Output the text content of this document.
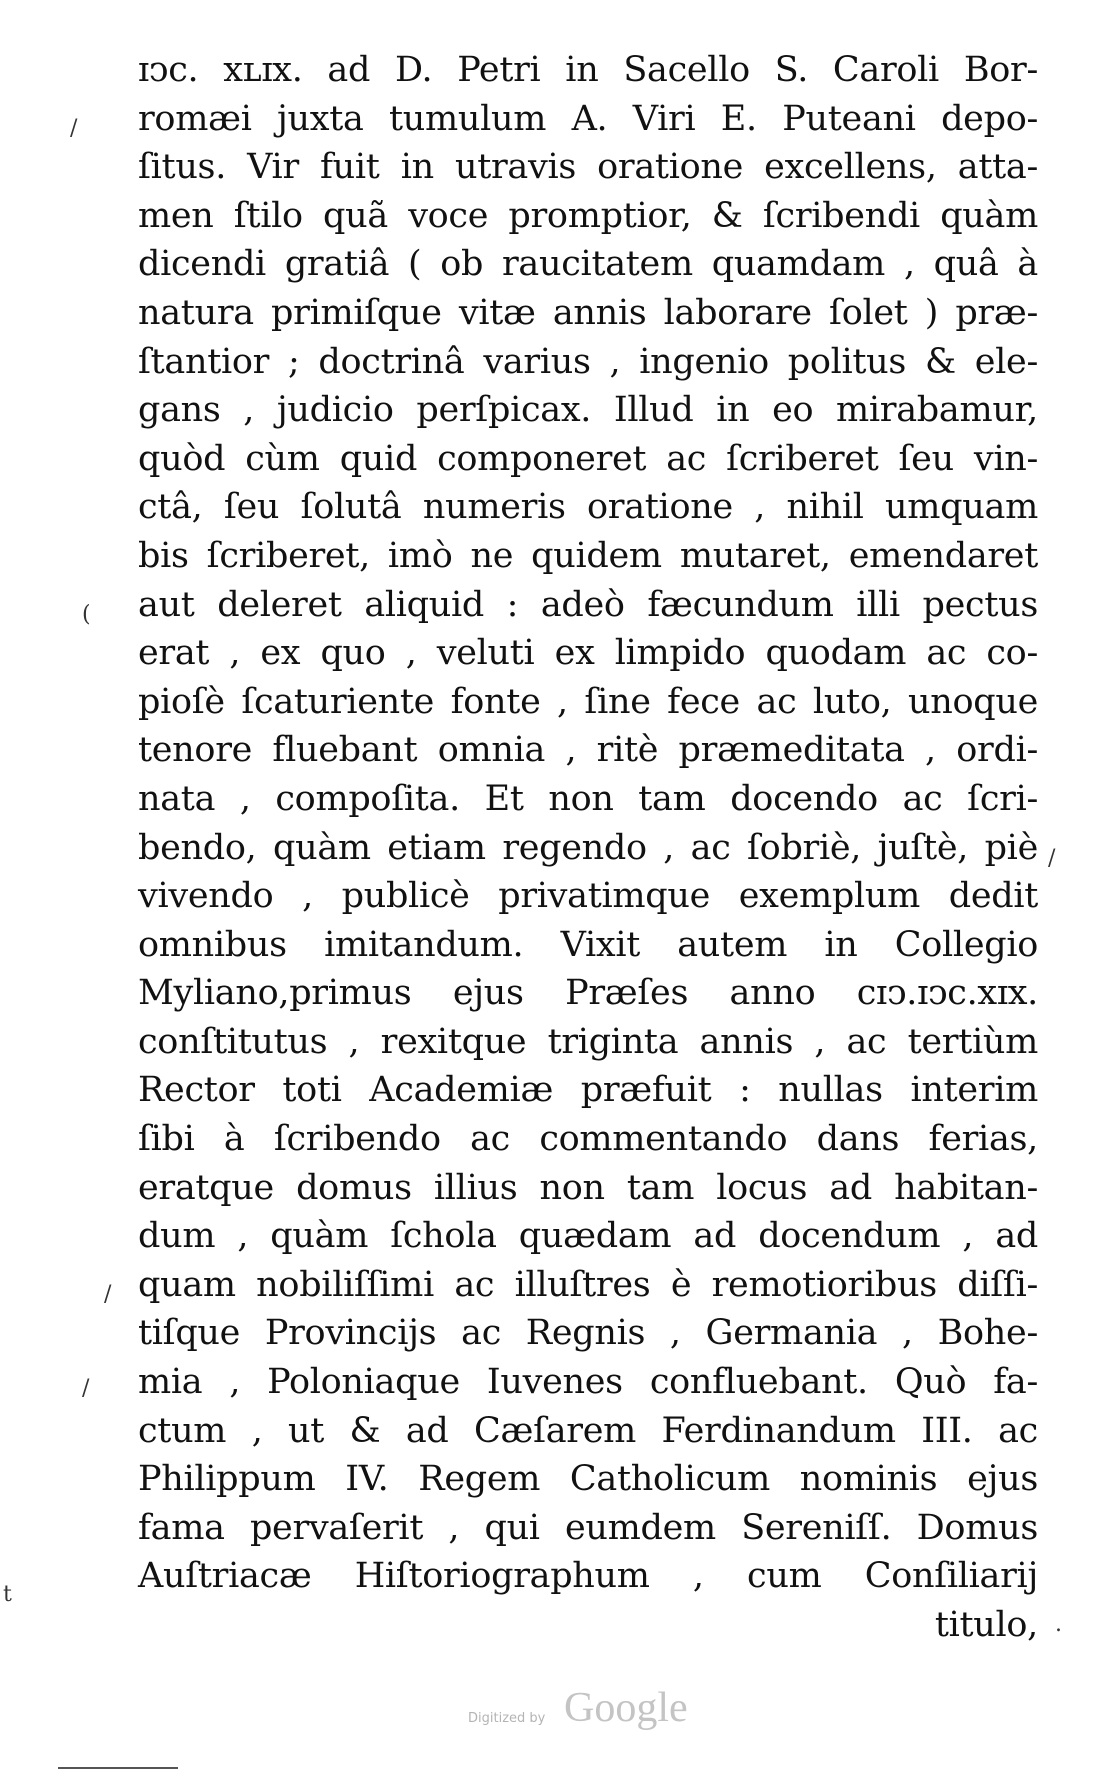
ɪↄc. xʟɪx. ad D. Petri in Sacello S. Caroli Bor-
romæi juxta tumulum A. Viri E. Puteani depo-
ſitus. Vir fuit in utravis oratione excellens, atta-
men ſtilo quã voce promptior, & ſcribendi quàm
dicendi gratiâ ( ob raucitatem quamdam , quâ à
natura primiſque vitæ annis laborare ſolet ) præ-
ſtantior ; doctrinâ varius , ingenio politus & ele-
gans , judicio perſpicax. Illud in eo mirabamur,
quòd cùm quid componeret ac ſcriberet ſeu vin-
ctâ, ſeu ſolutâ numeris oratione , nihil umquam
bis ſcriberet, imò ne quidem mutaret, emendaret
aut deleret aliquid : adeò fæcundum illi pectus
erat , ex quo , veluti ex limpido quodam ac co-
pioſè ſcaturiente fonte , ſine fece ac luto, unoque
tenore fluebant omnia , ritè præmeditata , ordi-
nata , compoſita. Et non tam docendo ac ſcri-
bendo, quàm etiam regendo , ac ſobriè, juſtè, piè
vivendo , publicè privatimque exemplum dedit
omnibus imitandum. Vixit autem in Collegio
Myliano,primus ejus Præſes anno cɪↄ.ɪↄc.xɪx.
conſtitutus , rexitque triginta annis , ac tertiùm
Rector toti Academiæ præfuit : nullas interim
ſibi à ſcribendo ac commentando dans ferias,
eratque domus illius non tam locus ad habitan-
dum , quàm ſchola quædam ad docendum , ad
quam nobiliſſimi ac illuſtres è remotioribus diſſi-
tiſque Provincijs ac Regnis , Germania , Bohe-
mia , Poloniaque Iuvenes confluebant. Quò fa-
ctum , ut & ad Cæſarem Ferdinandum III. ac
Philippum IV. Regem Catholicum nominis ejus
fama pervaſerit , qui eumdem Sereniſſ. Domus
Auſtriacæ Hiſtoriographum , cum Conſiliarij
titulo,
/
(
/
/
t
/
.
Digitized by Google
